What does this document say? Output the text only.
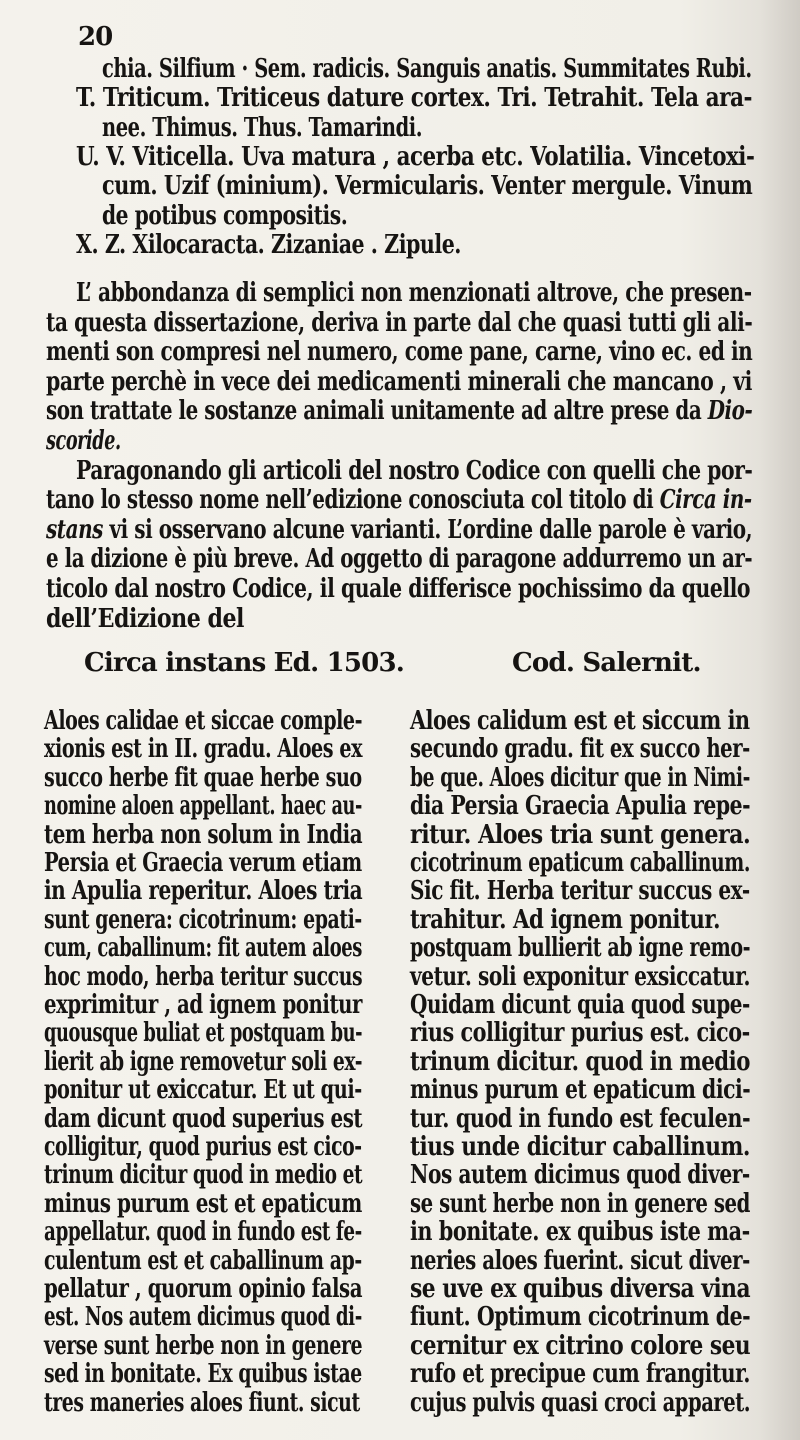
20
chia. Silfium · Sem. radicis. Sanguis anatis. Summitates Rubi.
T. Triticum. Triticeus dature cortex. Tri. Tetrahit. Tela ara-
nee. Thimus. Thus. Tamarindi.
U. V. Viticella. Uva matura , acerba etc. Volatilia. Vincetoxi-
cum. Uzif (minium). Vermicularis. Venter mergule. Vinum
de potibus compositis.
X. Z. Xilocaracta. Zizaniae . Zipule.
L’ abbondanza di semplici non menzionati altrove, che presen-
ta questa dissertazione, deriva in parte dal che quasi tutti gli ali-
menti son compresi nel numero, come pane, carne, vino ec. ed in
parte perchè in vece dei medicamenti minerali che mancano , vi
son trattate le sostanze animali unitamente ad altre prese da Dio-
scoride.
Paragonando gli articoli del nostro Codice con quelli che por-
tano lo stesso nome nell’edizione conosciuta col titolo di Circa in-
stans vi si osservano alcune varianti. L’ordine dalle parole è vario,
e la dizione è più breve. Ad oggetto di paragone addurremo un ar-
ticolo dal nostro Codice, il quale differisce pochissimo da quello
dell’Edizione del
Circa instans Ed. 1503.	Cod. Salernit.
Aloes calidae et siccae comple-
xionis est in II. gradu. Aloes ex
succo herbe fit quae herbe suo
nomine aloen appellant. haec au-
tem herba non solum in India
Persia et Graecia verum etiam
in Apulia reperitur. Aloes tria
sunt genera: cicotrinum: epati-
cum, caballinum: fit autem aloes
hoc modo, herba teritur succus
exprimitur , ad ignem ponitur
quousque buliat et postquam bu-
lierit ab igne removetur soli ex-
ponitur ut exiccatur. Et ut qui-
dam dicunt quod superius est
colligitur, quod purius est cico-
trinum dicitur quod in medio et
minus purum est et epaticum
appellatur. quod in fundo est fe-
culentum est et caballinum ap-
pellatur , quorum opinio falsa
est. Nos autem dicimus quod di-
verse sunt herbe non in genere
sed in bonitate. Ex quibus istae
tres maneries aloes fiunt. sicut
Aloes calidum est et siccum in
secundo gradu. fit ex succo her-
be que. Aloes dicitur que in Nimi-
dia Persia Graecia Apulia repe-
ritur. Aloes tria sunt genera.
cicotrinum epaticum caballinum.
Sic fit. Herba teritur succus ex-
trahitur. Ad ignem ponitur.
postquam bullierit ab igne remo-
vetur. soli exponitur exsiccatur.
Quidam dicunt quia quod supe-
rius colligitur purius est. cico-
trinum dicitur. quod in medio
minus purum et epaticum dici-
tur. quod in fundo est feculen-
tius unde dicitur caballinum.
Nos autem dicimus quod diver-
se sunt herbe non in genere sed
in bonitate. ex quibus iste ma-
neries aloes fuerint. sicut diver-
se uve ex quibus diversa vina
fiunt. Optimum cicotrinum de-
cernitur ex citrino colore seu
rufo et precipue cum frangitur.
cujus pulvis quasi croci apparet.
